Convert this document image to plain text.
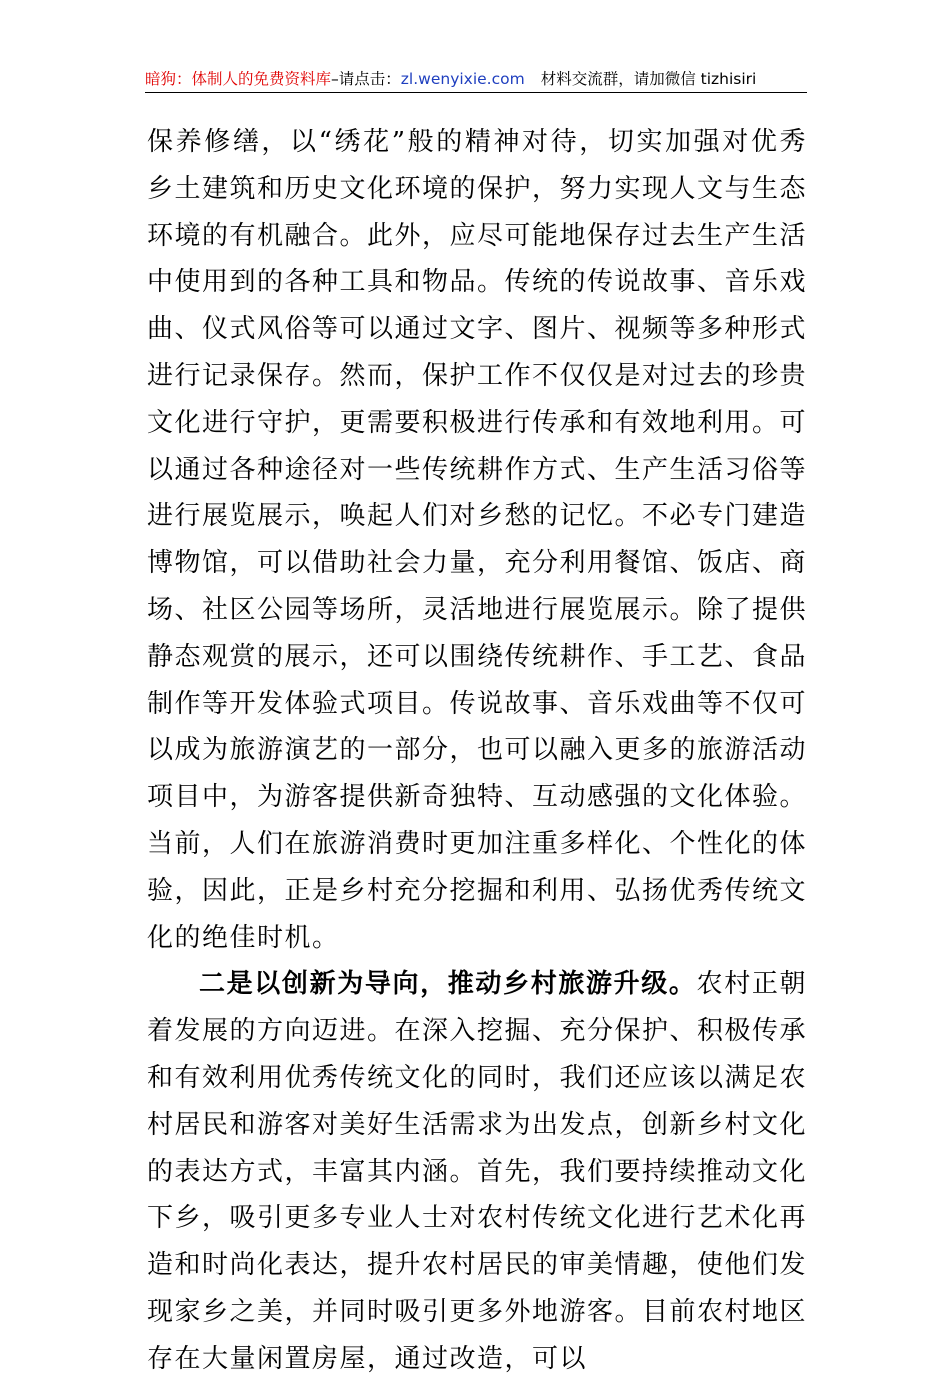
暗狗：体制人的免费资料库–请点击：zl.wenyixie.com 材料交流群，请加微信 tizhisiri

保养修缮，以“绣花”般的精神对待，切实加强对优秀乡土建筑和历史文化环境的保护，努力实现人文与生态环境的有机融合。此外，应尽可能地保存过去生产生活中使用到的各种工具和物品。传统的传说故事、音乐戏曲、仪式风俗等可以通过文字、图片、视频等多种形式进行记录保存。然而，保护工作不仅仅是对过去的珍贵文化进行守护，更需要积极进行传承和有效地利用。可以通过各种途径对一些传统耕作方式、生产生活习俗等进行展览展示，唤起人们对乡愁的记忆。不必专门建造博物馆，可以借助社会力量，充分利用餐馆、饭店、商场、社区公园等场所，灵活地进行展览展示。除了提供静态观赏的展示，还可以围绕传统耕作、手工艺、食品制作等开发体验式项目。传说故事、音乐戏曲等不仅可以成为旅游演艺的一部分，也可以融入更多的旅游活动项目中，为游客提供新奇独特、互动感强的文化体验。当前，人们在旅游消费时更加注重多样化、个性化的体验，因此，正是乡村充分挖掘和利用、弘扬优秀传统文化的绝佳时机。

二是以创新为导向，推动乡村旅游升级。农村正朝着发展的方向迈进。在深入挖掘、充分保护、积极传承和有效利用优秀传统文化的同时，我们还应该以满足农村居民和游客对美好生活需求为出发点，创新乡村文化的表达方式，丰富其内涵。首先，我们要持续推动文化下乡，吸引更多专业人士对农村传统文化进行艺术化再造和时尚化表达，提升农村居民的审美情趣，使他们发现家乡之美，并同时吸引更多外地游客。目前农村地区存在大量闲置房屋，通过改造，可以
